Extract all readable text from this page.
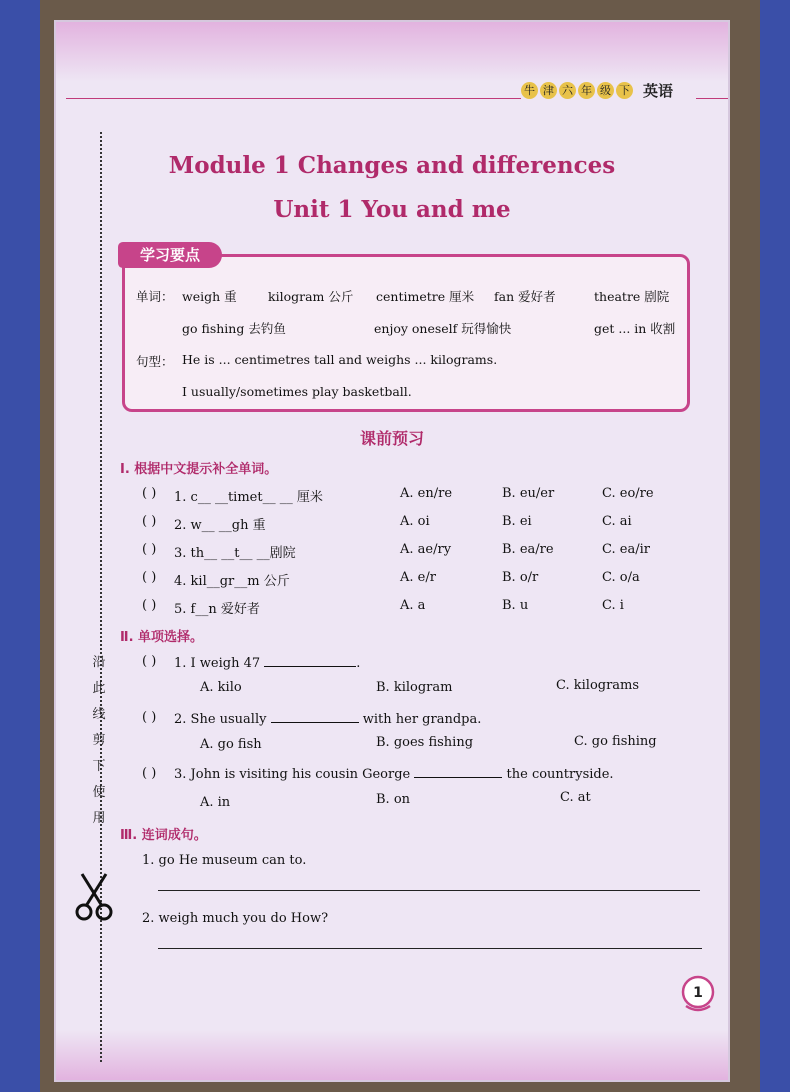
沿
此
线
剪
下
使
用
牛 津 六 年 级 下 英语
Module 1 Changes and differences
Unit 1 You and me
学习要点
单词： weigh 重	kilogram 公斤 centimetre 厘米 fan 爱好者	theatre 剧院
go fishing 去钓鱼	enjoy oneself 玩得愉快	get ... in 收割
句型： He is ... centimetres tall and weighs ... kilograms.
I usually/sometimes play basketball.
课前预习
Ⅰ. 根据中文提示补全单词。
( ) 1. c__ __timet__ __ 厘米	A. en/re	B. eu/er	C. eo/re
( ) 2. w__ __gh 重	A. oi	B. ei	C. ai
( ) 3. th__ __t__ __剧院	A. ae/ry	B. ea/re	C. ea/ir
( ) 4. kil__gr__m 公斤	A. e/r	B. o/r	C. o/a
( ) 5. f__n 爱好者	A. a	B. u	C. i
Ⅱ. 单项选择。
( ) 1. I weigh 47	.
A. kilo	B. kilogram	C. kilograms
( ) 2. She usually	with her grandpa.
A. go fish	B. goes fishing	C. go fishing
( ) 3. John is visiting his cousin George	the countryside.
A. in	B. on	C. at
Ⅲ. 连词成句。
1. go He museum can to.
2. weigh much you do How?
1
